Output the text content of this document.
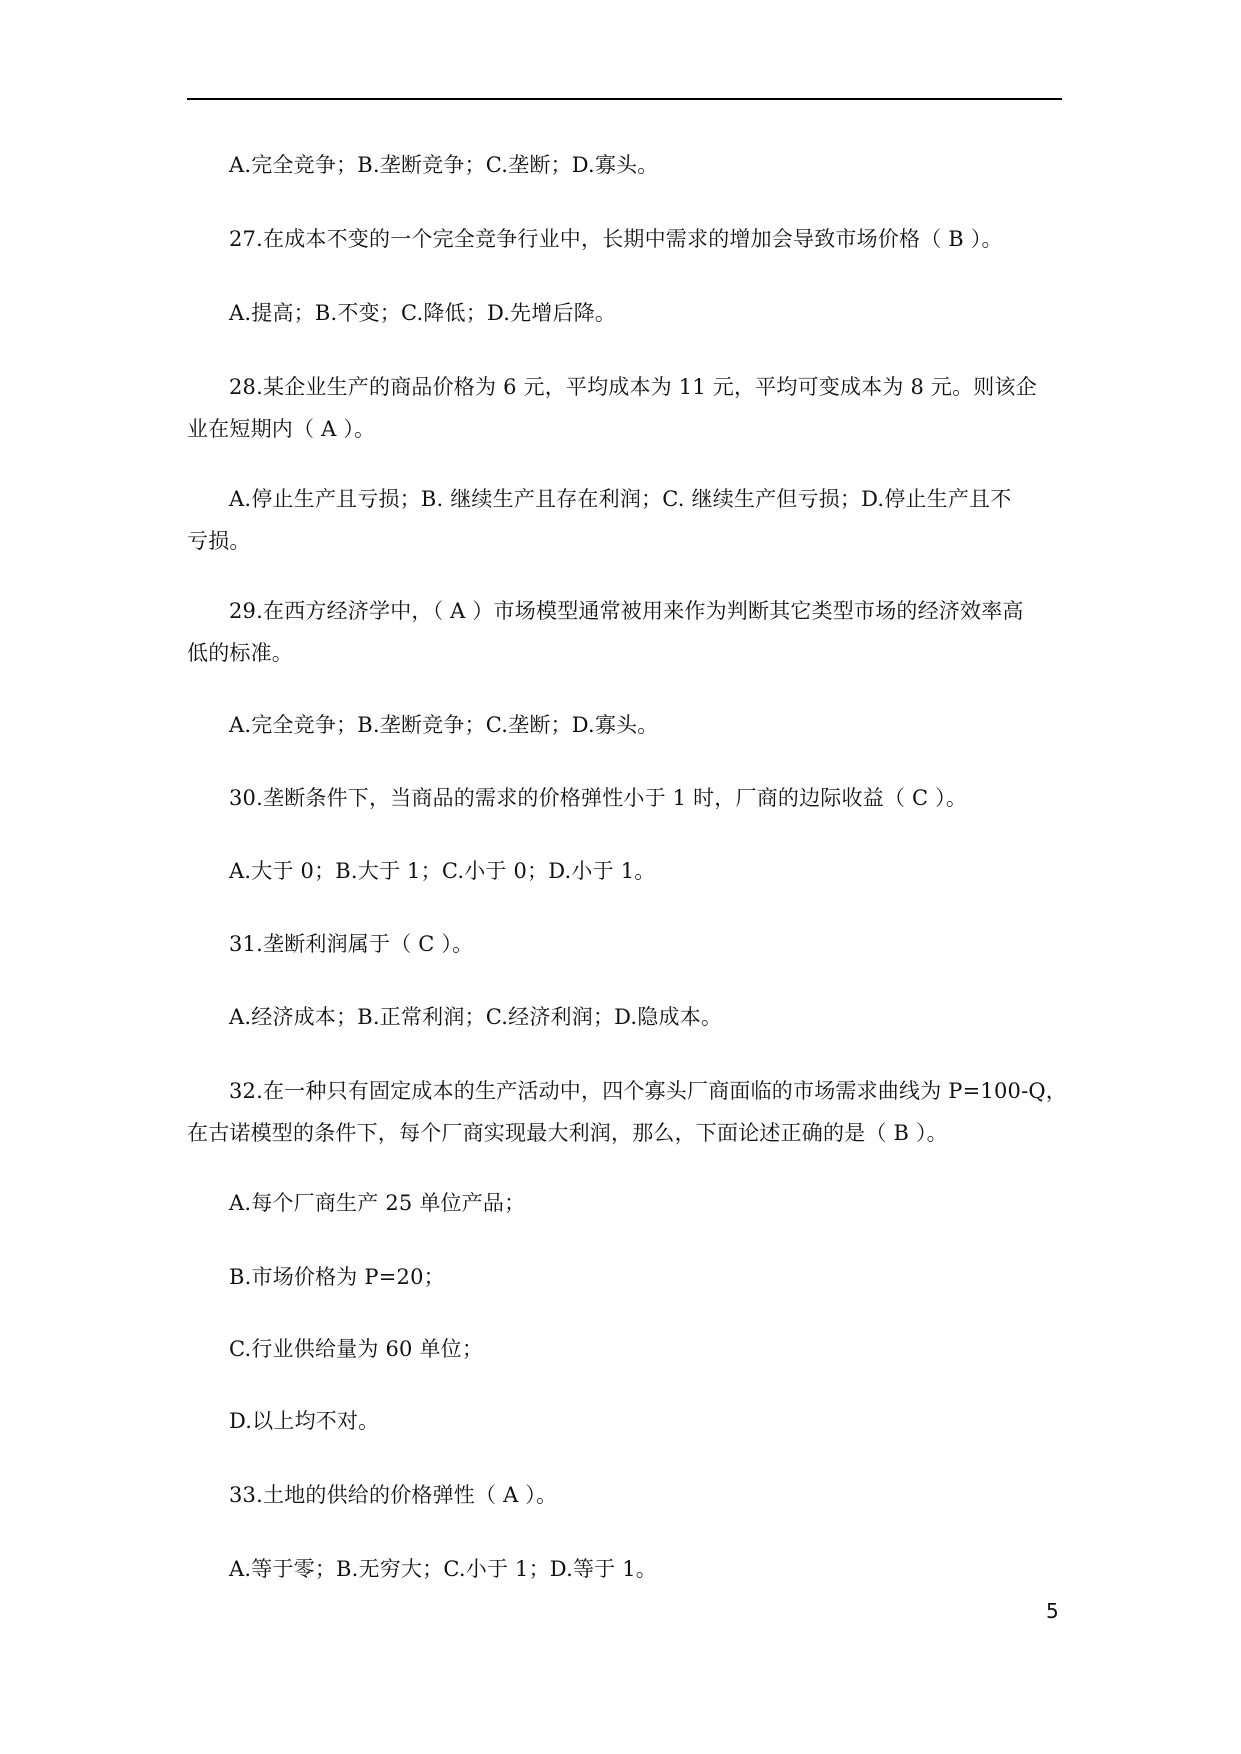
A.完全竞争；B.垄断竞争；C.垄断；D.寡头。
27.在成本不变的一个完全竞争行业中，长期中需求的增加会导致市场价格（ B ）。
A.提高；B.不变；C.降低；D.先增后降。
28.某企业生产的商品价格为 6 元，平均成本为 11 元，平均可变成本为 8 元。则该企
业在短期内（ A ）。
A.停止生产且亏损；B. 继续生产且存在利润；C. 继续生产但亏损；D.停止生产且不
亏损。
29.在西方经济学中，（ A ）市场模型通常被用来作为判断其它类型市场的经济效率高
低的标准。
A.完全竞争；B.垄断竞争；C.垄断；D.寡头。
30.垄断条件下，当商品的需求的价格弹性小于 1 时，厂商的边际收益（ C ）。
A.大于 0；B.大于 1；C.小于 0；D.小于 1。
31.垄断利润属于（ C ）。
A.经济成本；B.正常利润；C.经济利润；D.隐成本。
32.在一种只有固定成本的生产活动中，四个寡头厂商面临的市场需求曲线为 P=100-Q，
在古诺模型的条件下，每个厂商实现最大利润，那么，下面论述正确的是（ B ）。
A.每个厂商生产 25 单位产品；
B.市场价格为 P=20；
C.行业供给量为 60 单位；
D.以上均不对。
33.土地的供给的价格弹性（ A ）。
A.等于零；B.无穷大；C.小于 1；D.等于 1。
5
